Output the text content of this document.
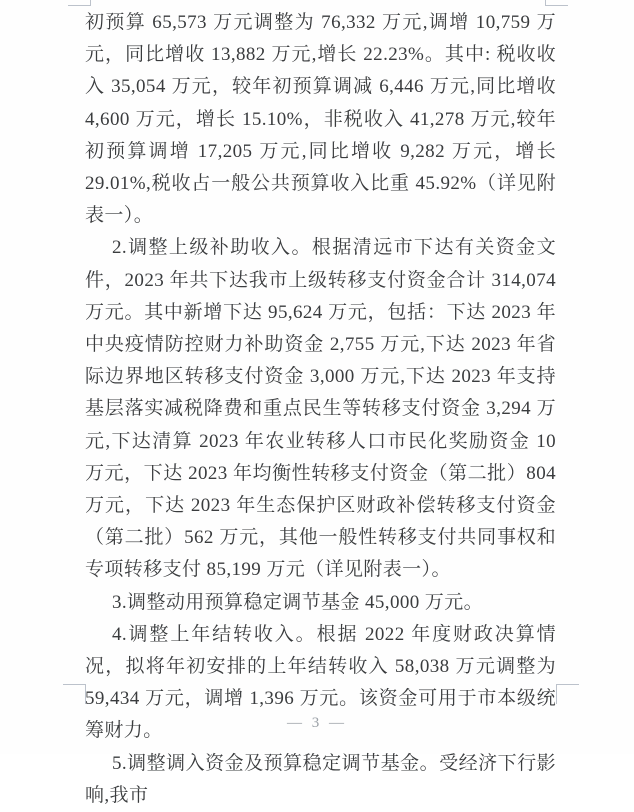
初预算 65,573 万元调整为 76,332 万元,调增 10,759 万元，同比增收 13,882 万元,增长 22.23%。其中: 税收收入 35,054 万元，较年初预算调减 6,446 万元,同比增收 4,600 万元，增长 15.10%，非税收入 41,278 万元,较年初预算调增 17,205 万元,同比增收 9,282 万元，增长 29.01%,税收占一般公共预算收入比重 45.92%（详见附表一）。

2.调整上级补助收入。根据清远市下达有关资金文件，2023 年共下达我市上级转移支付资金合计 314,074 万元。其中新增下达 95,624 万元，包括：下达 2023 年中央疫情防控财力补助资金 2,755 万元,下达 2023 年省际边界地区转移支付资金 3,000 万元,下达 2023 年支持基层落实减税降费和重点民生等转移支付资金 3,294 万元,下达清算 2023 年农业转移人口市民化奖励资金 10 万元，下达 2023 年均衡性转移支付资金（第二批）804 万元，下达 2023 年生态保护区财政补偿转移支付资金（第二批）562 万元，其他一般性转移支付共同事权和专项转移支付 85,199 万元（详见附表一）。

3.调整动用预算稳定调节基金 45,000 万元。

4.调整上年结转收入。根据 2022 年度财政决算情况，拟将年初安排的上年结转收入 58,038 万元调整为 59,434 万元，调增 1,396 万元。该资金可用于市本级统筹财力。

5.调整调入资金及预算稳定调节基金。受经济下行影响,我市

— 3 —
